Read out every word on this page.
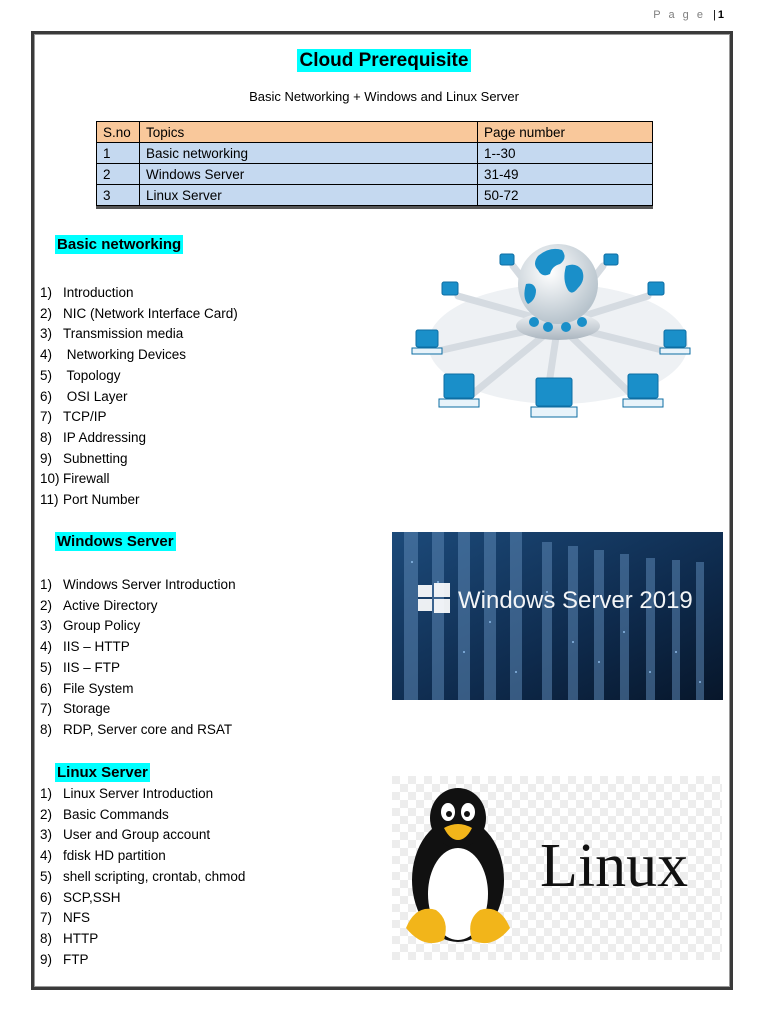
P a g e | 1
Cloud Prerequisite
Basic Networking + Windows and Linux Server
S.no	Topics	Page number
1	Basic networking	1--30
2	Windows Server	31-49
3	Linux Server	50-72
Basic networking
1) Introduction
2) NIC (Network Interface Card)
3) Transmission media
4) Networking Devices
5) Topology
6) OSI Layer
7) TCP/IP
8) IP Addressing
9) Subnetting
10) Firewall
11) Port Number
Windows Server
1) Windows Server Introduction
2) Active Directory
3) Group Policy
4) IIS – HTTP
5) IIS – FTP
6) File System
7) Storage
8) RDP, Server core and RSAT
Linux Server
1) Linux Server Introduction
2) Basic Commands
3) User and Group account
4) fdisk HD partition
5) shell scripting, crontab, chmod
6) SCP,SSH
7) NFS
8) HTTP
9) FTP
Windows Server 2019
Linux
